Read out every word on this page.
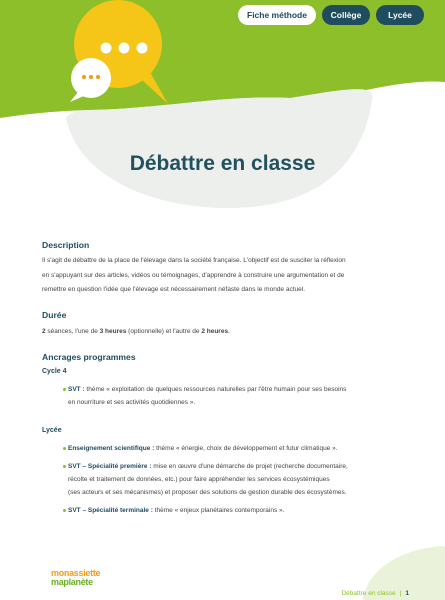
Fiche méthode	Collège	Lycée
Débattre en classe
Description

Il s'agit de débattre de la place de l'élevage dans la société française. L'objectif est de susciter la réflexion
en s'appuyant sur des articles, vidéos ou témoignages, d'apprendre à construire une argumentation et de
remettre en question l'idée que l'élevage est nécessairement néfaste dans le monde actuel.

Durée

2 séances, l'une de 3 heures (optionnelle) et l'autre de 2 heures.

Ancrages programmes

Cycle 4

SVT : thème « exploitation de quelques ressources naturelles par l'être humain pour ses besoins
en nourriture et ses activités quotidiennes ».

Lycée

Enseignement scientifique : thème « énergie, choix de développement et futur climatique ».
SVT – Spécialité première : mise en œuvre d'une démarche de projet (recherche documentaire,
récolte et traitement de données, etc.) pour faire appréhender les services écosystémiques
(ses acteurs et ses mécanismes) et proposer des solutions de gestion durable des écosystèmes.
SVT – Spécialité terminale : thème « enjeux planétaires contemporains ».
monassiette
maplanète
Débattre en classe | 1
